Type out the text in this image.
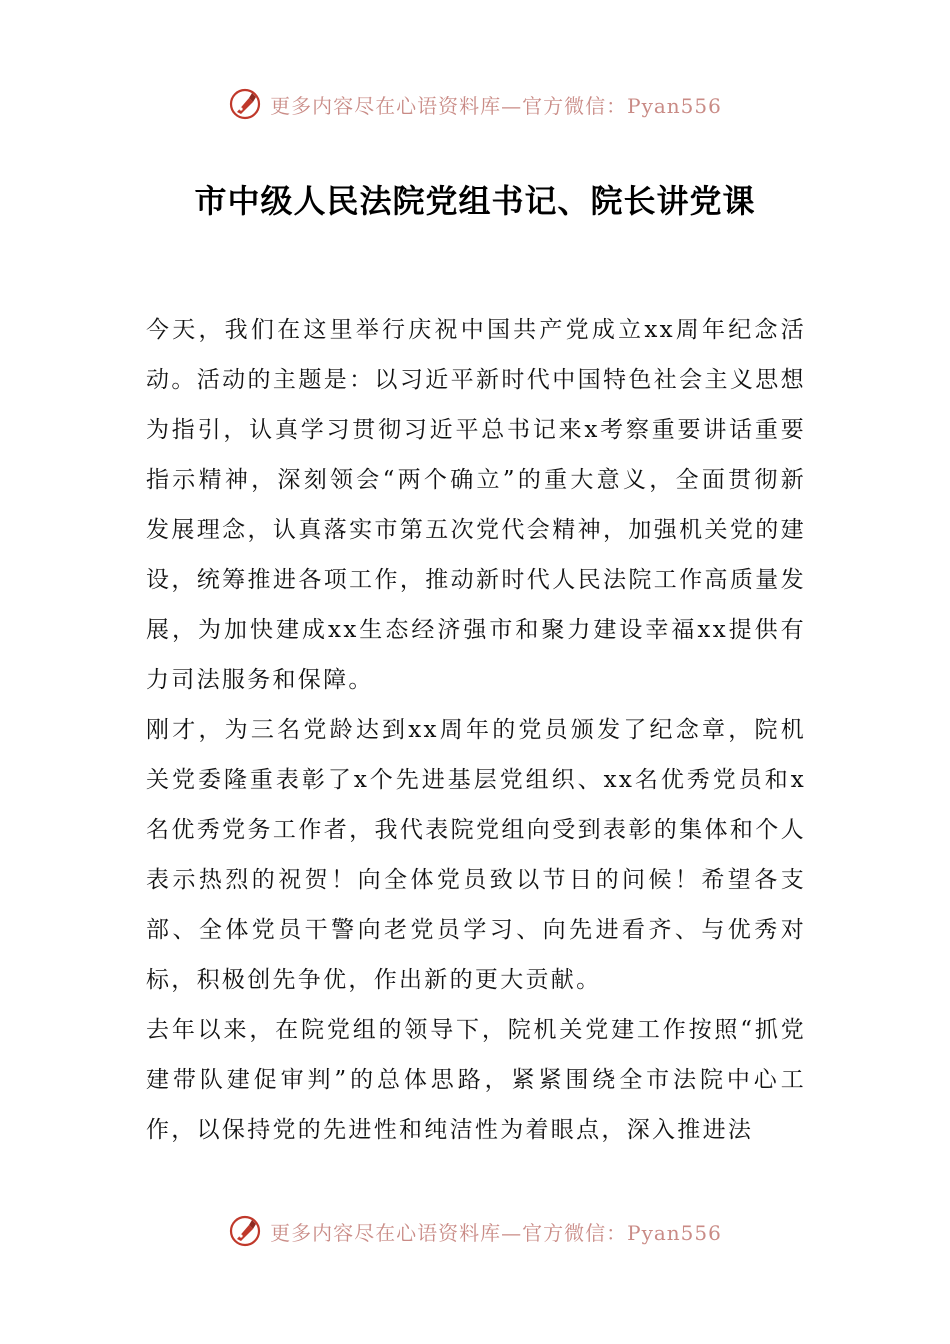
更多内容尽在心语资料库—官方微信：Pyan556
市中级人民法院党组书记、院长讲党课

今天，我们在这里举行庆祝中国共产党成立xx周年纪念活动。活动的主题是：以习近平新时代中国特色社会主义思想为指引，认真学习贯彻习近平总书记来x考察重要讲话重要指示精神，深刻领会“两个确立”的重大意义，全面贯彻新发展理念，认真落实市第五次党代会精神，加强机关党的建设，统筹推进各项工作，推动新时代人民法院工作高质量发展，为加快建成xx生态经济强市和聚力建设幸福xx提供有力司法服务和保障。

刚才，为三名党龄达到xx周年的党员颁发了纪念章，院机关党委隆重表彰了x个先进基层党组织、xx名优秀党员和x名优秀党务工作者，我代表院党组向受到表彰的集体和个人表示热烈的祝贺！向全体党员致以节日的问候！希望各支部、全体党员干警向老党员学习、向先进看齐、与优秀对标，积极创先争优，作出新的更大贡献。

去年以来，在院党组的领导下，院机关党建工作按照“抓党建带队建促审判”的总体思路，紧紧围绕全市法院中心工作，以保持党的先进性和纯洁性为着眼点，深入推进法

更多内容尽在心语资料库—官方微信：Pyan556
